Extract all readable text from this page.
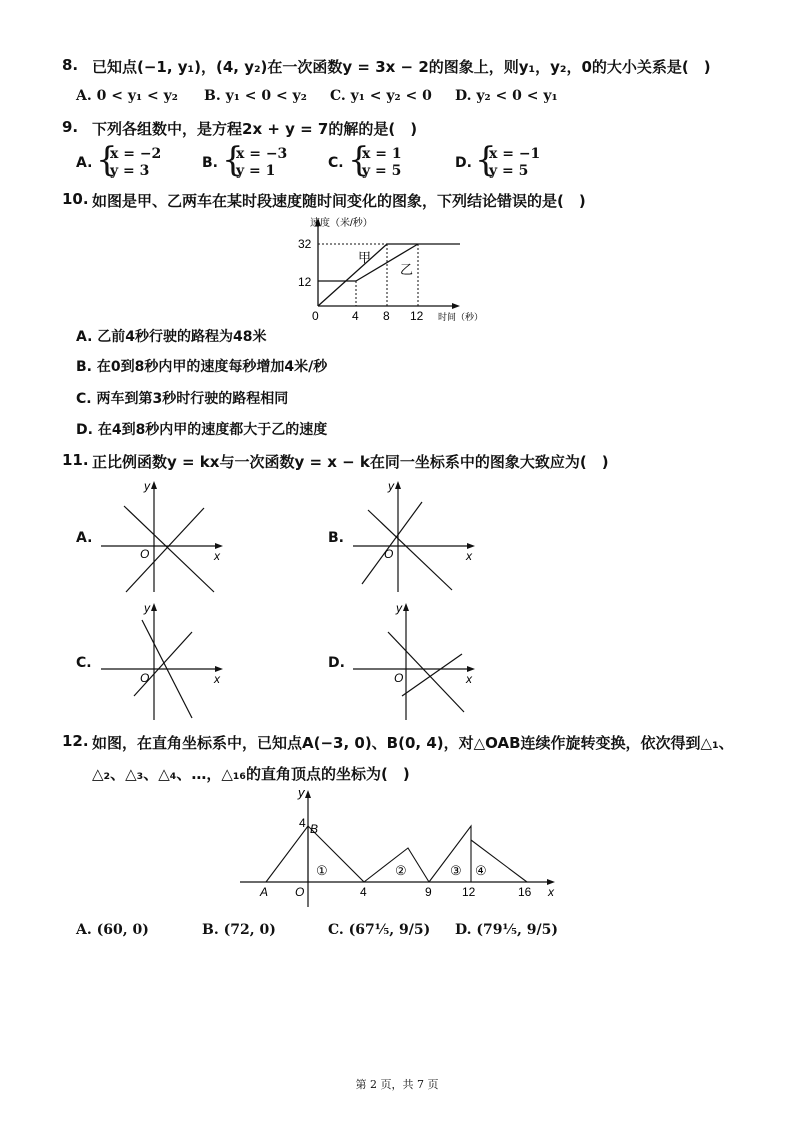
8. 已知点(−1, y₁)，(4, y₂)在一次函数y = 3x − 2的图象上，则y₁，y₂，0的大小关系是(　)
A. 0 < y₁ < y₂ B. y₁ < 0 < y₂ C. y₁ < y₂ < 0 D. y₂ < 0 < y₁
9. 下列各组数中，是方程2x + y = 7的解的是(　)
A. {
x = −2
y = 3	B. {
x = −3
y = 1	C. {
x = 1
y = 5	D. {
x = −1
y = 5
10. 如图是甲、乙两车在某时段速度随时间变化的图象，下列结论错误的是(　)
速度（米/秒）
时间（秒）
32
12
0	4 8 12
甲
乙
A. 乙前4秒行驶的路程为48米
B. 在0到8秒内甲的速度每秒增加4米/秒
C. 两车到第3秒时行驶的路程相同
D. 在4到8秒内甲的速度都大于乙的速度
11. 正比例函数y = kx与一次函数y = x − k在同一坐标系中的图象大致应为(　)
A.
y
x
O
B.
y
x
O
C.
y
x
O
D.
y
x
O
12. 如图，在直角坐标系中，已知点A(−3, 0)、B(0, 4)，对△OAB连续作旋转变换，依次得到△₁、
△₂、△₃、△₄、…，△₁₆的直角顶点的坐标为(　)
y
x
4 B
A O	4	9	12	16
①	②	③ ④
A. (60, 0)	B. (72, 0)	C. (67⅕, 9/5) D. (79⅕, 9/5)
第 2 页，共 7 页
